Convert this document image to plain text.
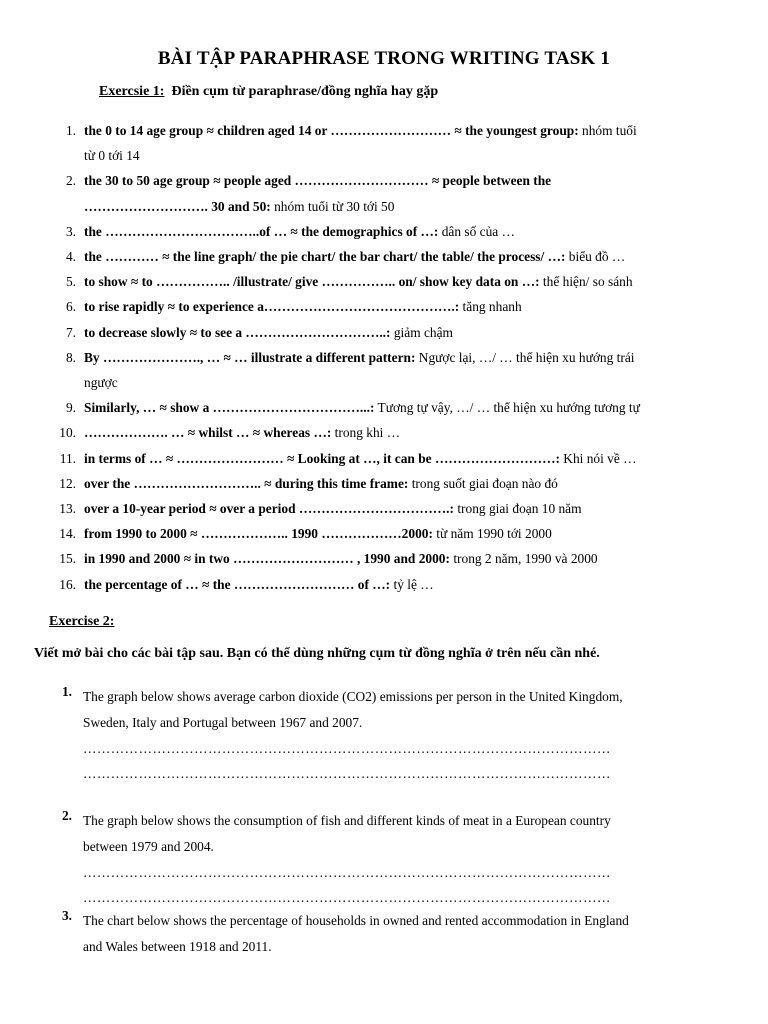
BÀI TẬP PARAPHRASE TRONG WRITING TASK 1
Exercsie 1: Điền cụm từ paraphrase/đồng nghĩa hay gặp
1. the 0 to 14 age group ≈ children aged 14 or ……………………… ≈ the youngest group: nhóm tuổi
từ 0 tới 14
2. the 30 to 50 age group ≈ people aged ………………………… ≈ people between the
………………………. 30 and 50: nhóm tuổi từ 30 tới 50
3. the ……………………………..of … ≈ the demographics of …: dân số của …
4. the ………… ≈ the line graph/ the pie chart/ the bar chart/ the table/ the process/ …: biểu đồ …
5. to show ≈ to …………….. /illustrate/ give …………….. on/ show key data on …: thể hiện/ so sánh
6. to rise rapidly ≈ to experience a…………………………………….: tăng nhanh
7. to decrease slowly ≈ to see a …………………………..: giảm chậm
8. By …………………., … ≈ … illustrate a different pattern: Ngược lại, …/ … thể hiện xu hướng trái
ngược
9. Similarly, … ≈ show a ……………………………...: Tương tự vậy, …/ … thể hiện xu hướng tương tự
10. ………………. … ≈ whilst … ≈ whereas …: trong khi …
11. in terms of … ≈ …………………… ≈ Looking at …, it can be ………………………: Khi nói về …
12. over the ……………………….. ≈ during this time frame: trong suốt giai đoạn nào đó
13. over a 10-year period ≈ over a period …………………………….: trong giai đoạn 10 năm
14. from 1990 to 2000 ≈ ……………….. 1990 ………………2000: từ năm 1990 tới 2000
15. in 1990 and 2000 ≈ in two ……………………… , 1990 and 2000: trong 2 năm, 1990 và 2000
16. the percentage of … ≈ the ……………………… of …: tỷ lệ …
Exercise 2:
Viết mở bài cho các bài tập sau. Bạn có thể dùng những cụm từ đồng nghĩa ở trên nếu cần nhé.
1. The graph below shows average carbon dioxide (CO2) emissions per person in the United Kingdom,
Sweden, Italy and Portugal between 1967 and 2007.
……………………………………………………………………………………………………
……………………………………………………………………………………………………
2. The graph below shows the consumption of fish and different kinds of meat in a European country
between 1979 and 2004.
……………………………………………………………………………………………………
……………………………………………………………………………………………………
3. The chart below shows the percentage of households in owned and rented accommodation in England
and Wales between 1918 and 2011.
